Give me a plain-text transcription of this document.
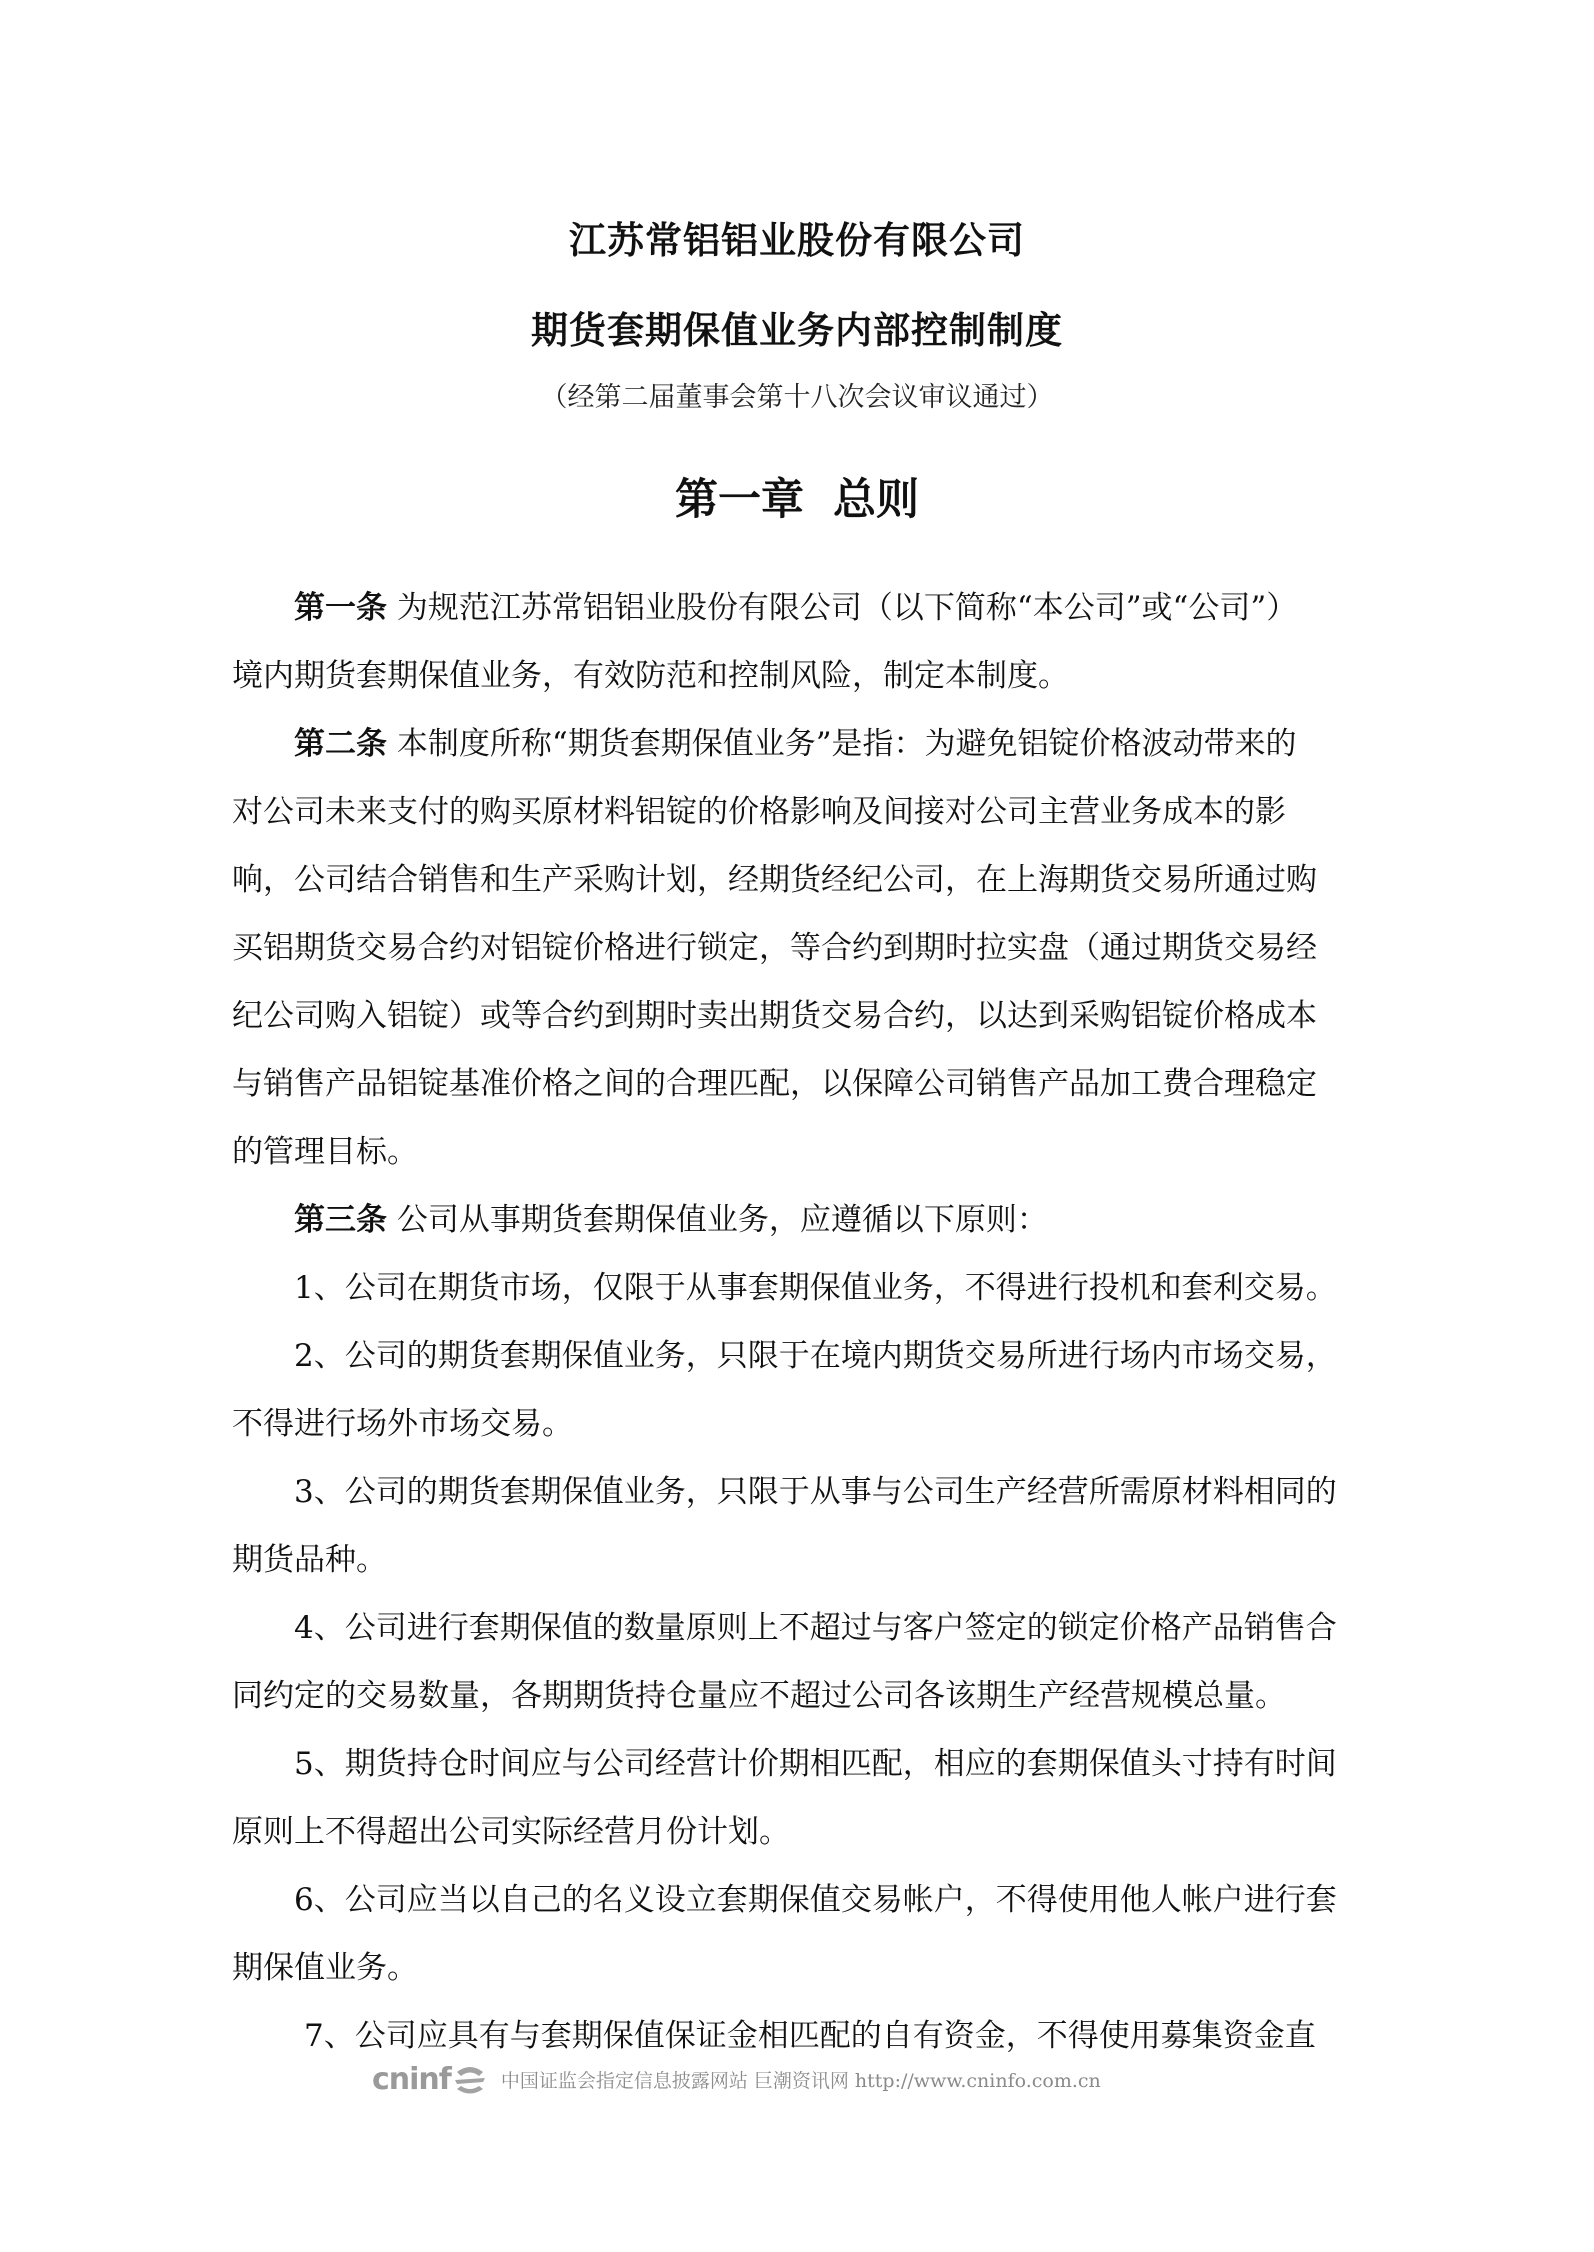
江苏常铝铝业股份有限公司
期货套期保值业务内部控制制度
（经第二届董事会第十八次会议审议通过）
第一章 总则
第一条 为规范江苏常铝铝业股份有限公司（以下简称“本公司”或“公司”）
境内期货套期保值业务，有效防范和控制风险，制定本制度。
第二条 本制度所称“期货套期保值业务”是指：为避免铝锭价格波动带来的
对公司未来支付的购买原材料铝锭的价格影响及间接对公司主营业务成本的影
响，公司结合销售和生产采购计划，经期货经纪公司，在上海期货交易所通过购
买铝期货交易合约对铝锭价格进行锁定，等合约到期时拉实盘（通过期货交易经
纪公司购入铝锭）或等合约到期时卖出期货交易合约，以达到采购铝锭价格成本
与销售产品铝锭基准价格之间的合理匹配，以保障公司销售产品加工费合理稳定
的管理目标。
第三条 公司从事期货套期保值业务，应遵循以下原则：
1、公司在期货市场，仅限于从事套期保值业务，不得进行投机和套利交易。
2、公司的期货套期保值业务，只限于在境内期货交易所进行场内市场交易，
不得进行场外市场交易。
3、公司的期货套期保值业务，只限于从事与公司生产经营所需原材料相同的
期货品种。
4、公司进行套期保值的数量原则上不超过与客户签定的锁定价格产品销售合
同约定的交易数量，各期期货持仓量应不超过公司各该期生产经营规模总量。
5、期货持仓时间应与公司经营计价期相匹配，相应的套期保值头寸持有时间
原则上不得超出公司实际经营月份计划。
6、公司应当以自己的名义设立套期保值交易帐户，不得使用他人帐户进行套
期保值业务。
7、公司应具有与套期保值保证金相匹配的自有资金，不得使用募集资金直
cninf	中国证监会指定信息披露网站 巨潮资讯网 http://www.cninfo.com.cn
